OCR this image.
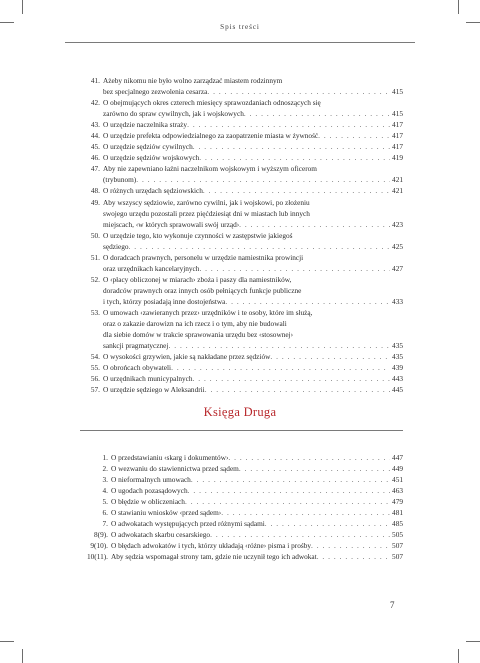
Spis treści
41. Ażeby nikomu nie było wolno zarządzać miastem rodzinnym
bez specjalnego zezwolenia cesarza . . .	415
42. O obejmujących okres czterech miesięcy sprawozdaniach odnoszących się
zarówno do spraw cywilnych, jak i wojskowych . . .	415
43. O urzędzie naczelnika straży . . .	417
44. O urzędzie prefekta odpowiedzialnego za zaopatrzenie miasta w żywność . . .	417
45. O urzędzie sędziów cywilnych . . .	417
46. O urzędzie sędziów wojskowych . . .	419
47. Aby nie zapewniano łaźni naczelnikom wojskowym i wyższym oficerom
(trybunom) . . .	421
48. O różnych urzędach sędziowskich . . .	421
49. Aby wszyscy sędziowie, zarówno cywilni, jak i wojskowi, po złożeniu
swojego urzędu pozostali przez pięćdziesiąt dni w miastach lub innych
miejscach, ‹w których sprawowali swój urząd› . . .	423
50. O urzędzie tego, kto wykonuje czynności w zastępstwie jakiegoś
sędziego . . .	425
51. O doradcach prawnych, personelu w urzędzie namiestnika prowincji
oraz urzędnikach kancelaryjnych . . .	427
52. O ‹płacy obliczonej w miarach› zboża i paszy dla namiestników,
doradców prawnych oraz innych osób pełniących funkcje publiczne
i tych, którzy posiadają inne dostojeństwa . . .	433
53. O umowach ‹zawieranych przez› urzędników i te osoby, które im służą,
oraz o zakazie darowizn na ich rzecz i o tym, aby nie budowali
dla siebie domów w trakcie sprawowania urzędu bez ‹stosownej›
sankcji pragmatycznej . . .	435
54. O wysokości grzywien, jakie są nakładane przez sędziów . . .	435
55. O obrońcach obywateli . . .	439
56. O urzędnikach municypalnych . . .	443
57. O urzędzie sędziego w Aleksandrii . . .	445
Księga Druga
1. O przedstawianiu ‹skarg i dokumentów› . . .	447
2. O wezwaniu do stawiennictwa przed sądem . . .	449
3. O nieformalnych umowach . . .	451
4. O ugodach pozasądowych . . .	463
5. O błędzie w obliczeniach . . .	479
6. O stawianiu wniosków ‹przed sądem› . . .	481
7. O adwokatach występujących przed różnymi sądami . . .	485
8(9). O adwokatach skarbu cesarskiego . . .	505
9(10). O błędach adwokatów i tych, którzy układają ‹różne› pisma i prośby . . .	507
10(11). Aby sędzia wspomagał strony tam, gdzie nie uczynił tego ich adwokat . . .	507
7
